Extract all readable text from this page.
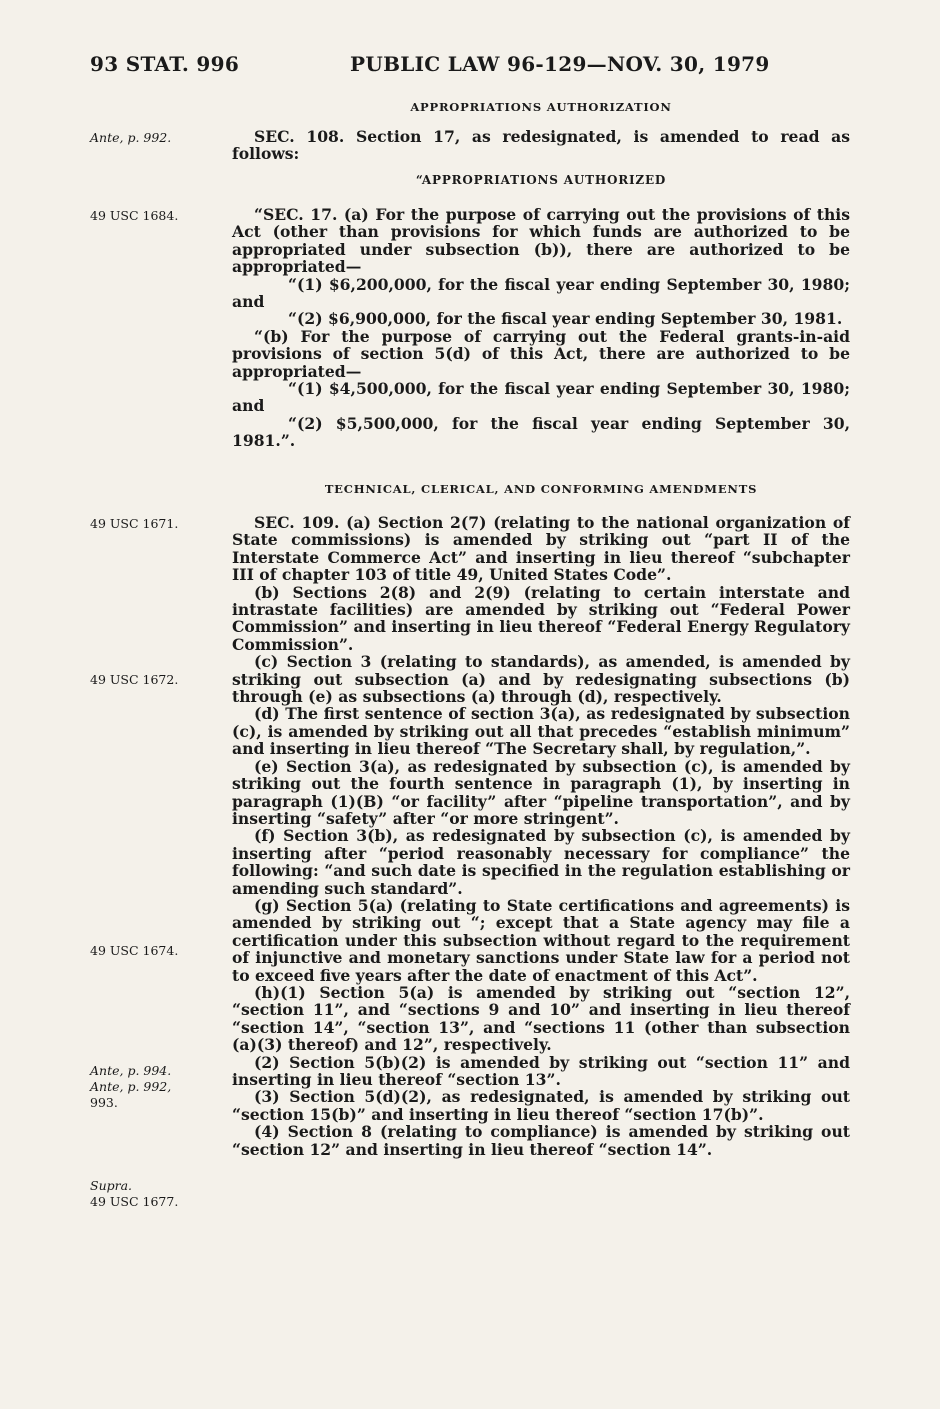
93 STAT. 996	PUBLIC LAW 96-129—NOV. 30, 1979
APPROPRIATIONS AUTHORIZATION
Ante, p. 992.	SEC. 108. Section 17, as redesignated, is amended to read as follows:

“APPROPRIATIONS AUTHORIZED
49 USC 1684.	“SEC. 17. (a) For the purpose of carrying out the provisions of this Act (other than provisions for which funds are authorized to be appropriated under subsection (b)), there are authorized to be appropriated—

“(1) $6,200,000, for the fiscal year ending September 30, 1980; and

“(2) $6,900,000, for the fiscal year ending September 30, 1981.

“(b) For the purpose of carrying out the Federal grants-in-aid provisions of section 5(d) of this Act, there are authorized to be appropriated—

“(1) $4,500,000, for the fiscal year ending September 30, 1980; and

“(2) $5,500,000, for the fiscal year ending September 30, 1981.”.

TECHNICAL, CLERICAL, AND CONFORMING AMENDMENTS
49 USC 1671.
49 USC 1672.
49 USC 1674.
Ante, p. 994.
Ante, p. 992,
993.
Supra.
49 USC 1677.

SEC. 109. (a) Section 2(7) (relating to the national organization of State commissions) is amended by striking out “part II of the Interstate Commerce Act” and inserting in lieu thereof “subchapter III of chapter 103 of title 49, United States Code”.

(b) Sections 2(8) and 2(9) (relating to certain interstate and intrastate facilities) are amended by striking out “Federal Power Commission” and inserting in lieu thereof “Federal Energy Regulatory Commission”.

(c) Section 3 (relating to standards), as amended, is amended by striking out subsection (a) and by redesignating subsections (b) through (e) as subsections (a) through (d), respectively.

(d) The first sentence of section 3(a), as redesignated by subsection (c), is amended by striking out all that precedes “establish minimum” and inserting in lieu thereof “The Secretary shall, by regulation,”.

(e) Section 3(a), as redesignated by subsection (c), is amended by striking out the fourth sentence in paragraph (1), by inserting in paragraph (1)(B) “or facility” after “pipeline transportation”, and by inserting “safety” after “or more stringent”.

(f) Section 3(b), as redesignated by subsection (c), is amended by inserting after “period reasonably necessary for compliance” the following: “and such date is specified in the regulation establishing or amending such standard”.

(g) Section 5(a) (relating to State certifications and agreements) is amended by striking out “; except that a State agency may file a certification under this subsection without regard to the requirement of injunctive and monetary sanctions under State law for a period not to exceed five years after the date of enactment of this Act”.

(h)(1) Section 5(a) is amended by striking out “section 12”, “section 11”, and “sections 9 and 10” and inserting in lieu thereof “section 14”, “section 13”, and “sections 11 (other than subsection (a)(3) thereof) and 12”, respectively.

(2) Section 5(b)(2) is amended by striking out “section 11” and inserting in lieu thereof “section 13”.

(3) Section 5(d)(2), as redesignated, is amended by striking out “section 15(b)” and inserting in lieu thereof “section 17(b)”.

(4) Section 8 (relating to compliance) is amended by striking out “section 12” and inserting in lieu thereof “section 14”.
